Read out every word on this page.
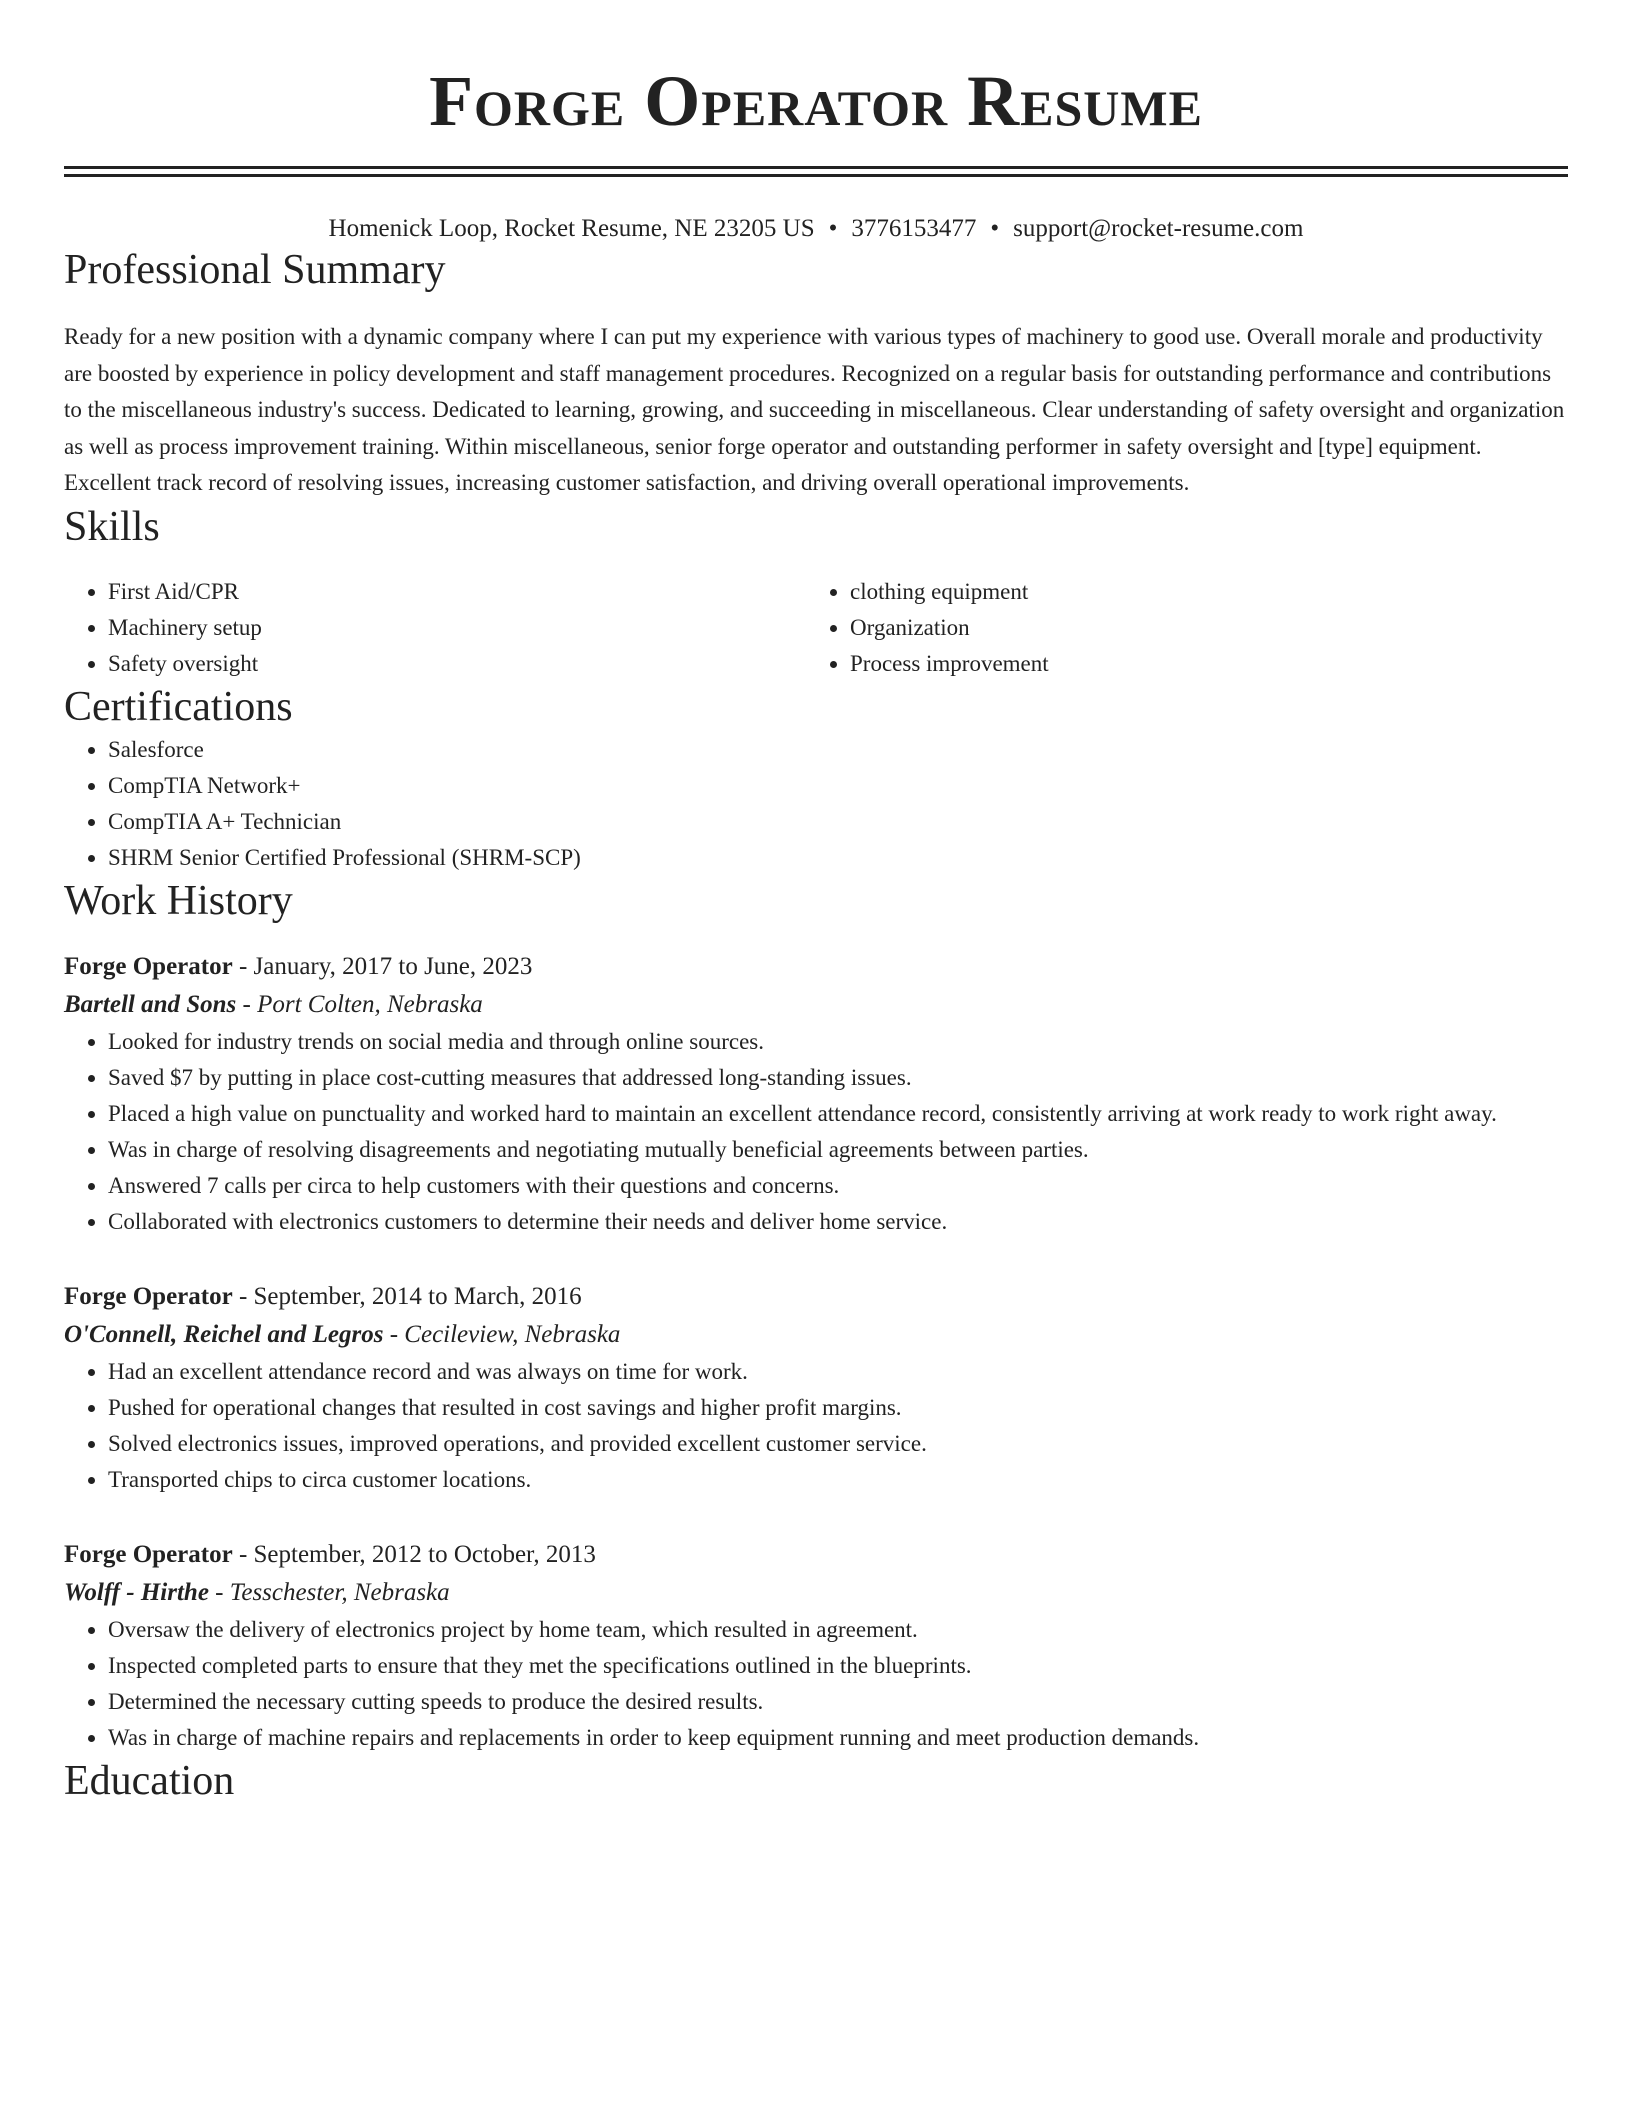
Forge Operator Resume
Homenick Loop, Rocket Resume, NE 23205 US • 3776153477 • support@rocket-resume.com
Professional Summary

Ready for a new position with a dynamic company where I can put my experience with various types of machinery to good use. Overall morale and productivity are boosted by experience in policy development and staff management procedures. Recognized on a regular basis for outstanding performance and contributions to the miscellaneous industry's success. Dedicated to learning, growing, and succeeding in miscellaneous. Clear understanding of safety oversight and organization as well as process improvement training. Within miscellaneous, senior forge operator and outstanding performer in safety oversight and [type] equipment. Excellent track record of resolving issues, increasing customer satisfaction, and driving overall operational improvements.

Skills
• First Aid/CPR
• Machinery setup
• Safety oversight
• clothing equipment
• Organization
• Process improvement
Certifications
• Salesforce
• CompTIA Network+
• CompTIA A+ Technician
• SHRM Senior Certified Professional (SHRM-SCP)
Work History
Forge Operator - January, 2017 to June, 2023
Bartell and Sons - Port Colten, Nebraska
• Looked for industry trends on social media and through online sources.
• Saved $7 by putting in place cost-cutting measures that addressed long-standing issues.
• Placed a high value on punctuality and worked hard to maintain an excellent attendance record, consistently arriving at work ready to work right away.
• Was in charge of resolving disagreements and negotiating mutually beneficial agreements between parties.
• Answered 7 calls per circa to help customers with their questions and concerns.
• Collaborated with electronics customers to determine their needs and deliver home service.
Forge Operator - September, 2014 to March, 2016
O'Connell, Reichel and Legros - Cecileview, Nebraska
• Had an excellent attendance record and was always on time for work.
• Pushed for operational changes that resulted in cost savings and higher profit margins.
• Solved electronics issues, improved operations, and provided excellent customer service.
• Transported chips to circa customer locations.
Forge Operator - September, 2012 to October, 2013
Wolff - Hirthe - Tesschester, Nebraska
• Oversaw the delivery of electronics project by home team, which resulted in agreement.
• Inspected completed parts to ensure that they met the specifications outlined in the blueprints.
• Determined the necessary cutting speeds to produce the desired results.
• Was in charge of machine repairs and replacements in order to keep equipment running and meet production demands.
Education
